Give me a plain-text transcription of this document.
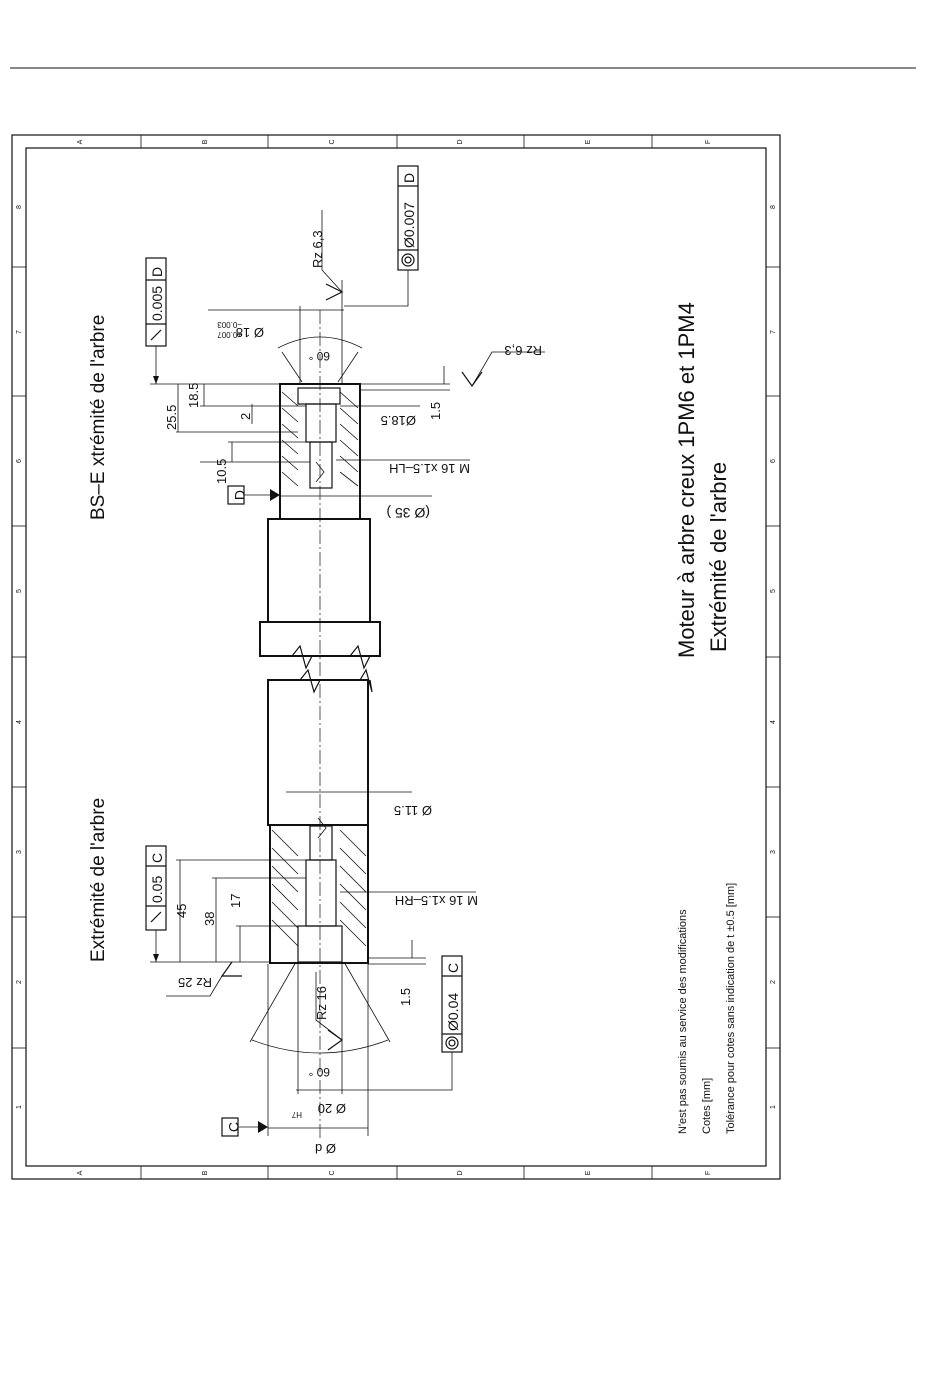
A	B	C	D	E	F
A	B	C	D	E	F
8
7
6
5
4
3
2
1
8
7
6
5
4
3
2
1
BS–E xtrémité de l'arbre
0.005
D
Ø0.007
D
Ø 18
+0.007
−0.003
Rz 6,3
60 °	Rz 6,3
1.5
Ø18.5
M 16 x1.5–LH
(Ø 35 )
25.5
18.5
2
10.5
D
Extrémité de l'arbre	0.05
C
45
38
17
Ø 11.5
M 16 x1.5–RH
1.5 Ø0.04
C
Rz 25
Rz 16
60 °
Ø 20
H7
Ø d
C
Moteur à arbre creux 1PM6 et 1PM4 Extrémité de l'arbre
N'est pas soumis au service des modifications Cotes [mm] Tolérance pour cotes sans indication de t ±0.5 [mm]
